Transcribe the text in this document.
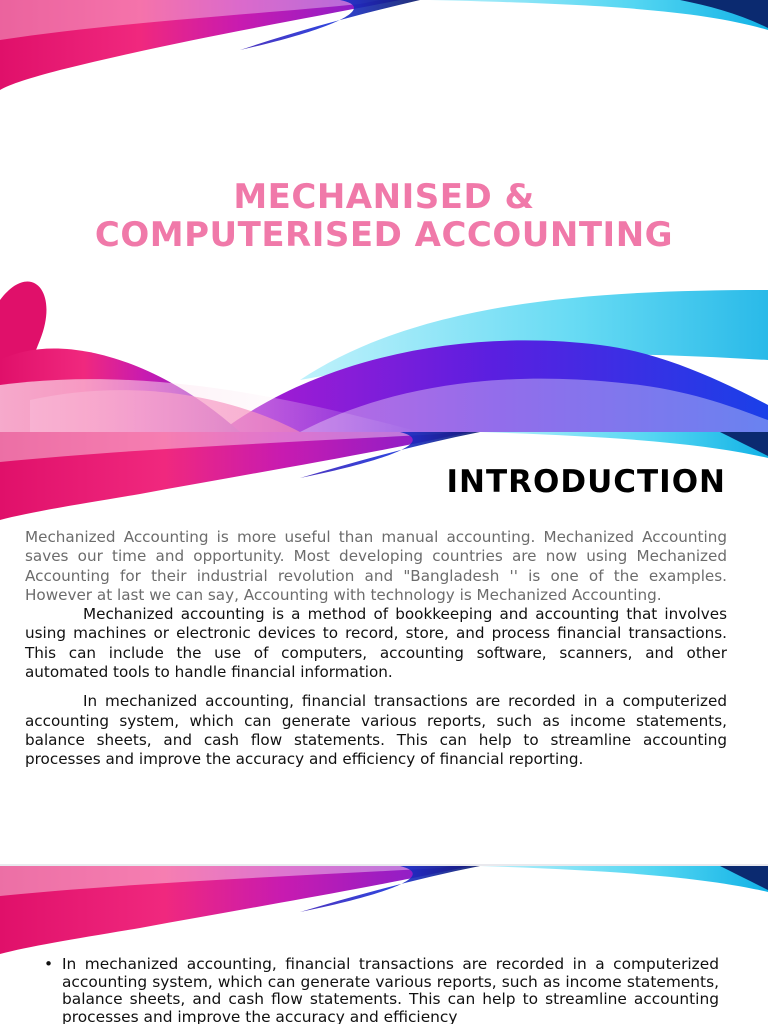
MECHANISED &
COMPUTERISED ACCOUNTING
INTRODUCTION

Mechanized Accounting is more useful than manual accounting. Mechanized Accounting saves our time and opportunity. Most developing countries are now using Mechanized Accounting for their industrial revolution and "Bangladesh '' is one of the examples. However at last we can say, Accounting with technology is Mechanized Accounting.

Mechanized accounting is a method of bookkeeping and accounting that involves using machines or electronic devices to record, store, and process financial transactions. This can include the use of computers, accounting software, scanners, and other automated tools to handle financial information.

In mechanized accounting, financial transactions are recorded in a computerized accounting system, which can generate various reports, such as income statements, balance sheets, and cash flow statements. This can help to streamline accounting processes and improve the accuracy and efficiency of financial reporting.

• In mechanized accounting, financial transactions are recorded in a computerized accounting system, which can generate various reports, such as income statements, balance sheets, and cash flow statements. This can help to streamline accounting processes and improve the accuracy and efficiency
